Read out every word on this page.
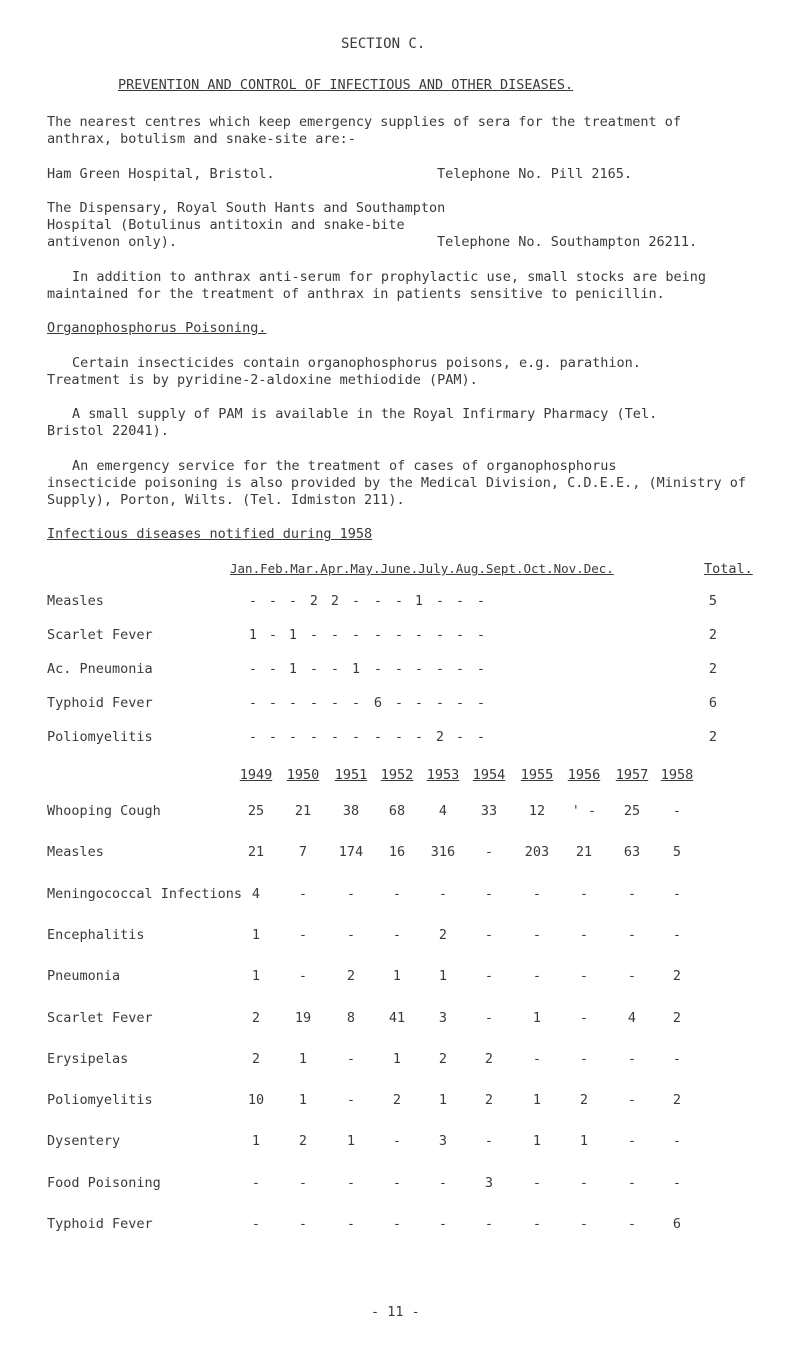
SECTION C.
PREVENTION AND CONTROL OF INFECTIOUS AND OTHER DISEASES.
The nearest centres which keep emergency supplies of sera for the treatment of
anthrax, botulism and snake-site are:-
Ham Green Hospital, Bristol.	Telephone No. Pill 2165.
The Dispensary, Royal South Hants and Southampton
Hospital (Botulinus antitoxin and snake-bite
antivenon only).	Telephone No. Southampton 26211.
In addition to anthrax anti-serum for prophylactic use, small stocks are being
maintained for the treatment of anthrax in patients sensitive to penicillin.
Organophosphorus Poisoning.
Certain insecticides contain organophosphorus poisons, e.g. parathion.
Treatment is by pyridine-2-aldoxine methiodide (PAM).
A small supply of PAM is available in the Royal Infirmary Pharmacy (Tel.
Bristol 22041).
An emergency service for the treatment of cases of organophosphorus
insecticide poisoning is also provided by the Medical Division, C.D.E.E., (Ministry of
Supply), Porton, Wilts. (Tel. Idmiston 211).
Infectious diseases notified during 1958
Jan.Feb.Mar.Apr.May.June.July.Aug.Sept.Oct.Nov.Dec.	Total.
Measles	- - - 2 2 -	- - 1 - - -	5
Scarlet Fever	1 - 1 - - -	- - - - - -	2
Ac. Pneumonia	- - 1 - - 1	- - - - - -	2
Typhoid Fever	- - - - - -	6 - - - - -	6
Poliomyelitis	- - - - - -	- - - 2 - -	2
1949 1950 1951 1952 1953 1954 1955 1956 1957 1958
Whooping Cough	25	21	38	68	4	33	12	' -	25	-
Measles	21	7	174	16	316	-	203	21	63	5
Meningococcal Infections 4	-	-	-	-	-	-	-	-	-
Encephalitis	1	-	-	-	2	-	-	-	-	-
Pneumonia	1	-	2	1	1	-	-	-	-	2
Scarlet Fever	2	19	8	41	3	-	1	-	4	2
Erysipelas	2	1	-	1	2	2	-	-	-	-
Poliomyelitis	10	1	-	2	1	2	1	2	-	2
Dysentery	1	2	1	-	3	-	1	1	-	-
Food Poisoning	-	-	-	-	-	3	-	-	-	-
Typhoid Fever	-	-	-	-	-	-	-	-	-	6
- 11 -
